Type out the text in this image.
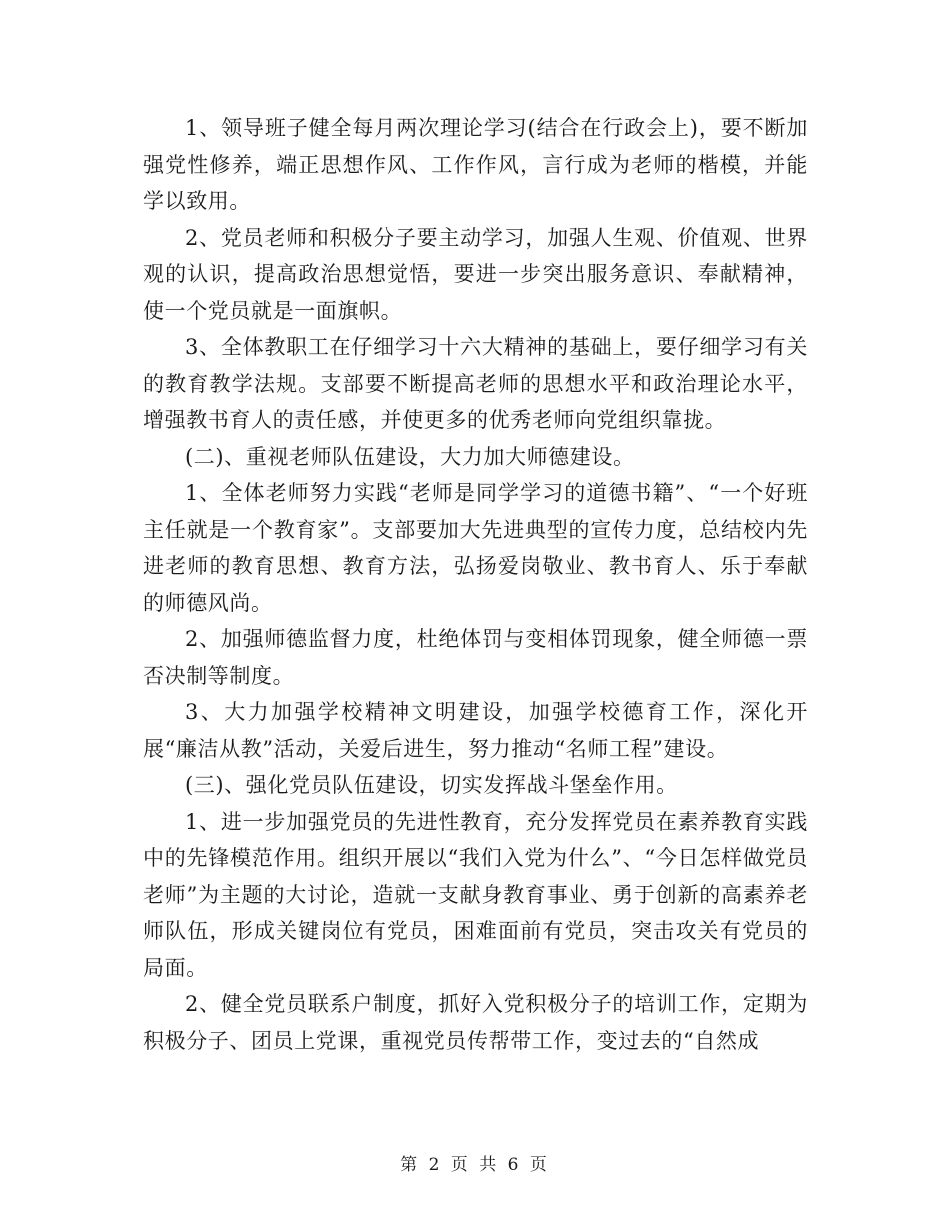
1、领导班子健全每月两次理论学习(结合在行政会上)，要不断加强党性修养，端正思想作风、工作作风，言行成为老师的楷模，并能学以致用。

2、党员老师和积极分子要主动学习，加强人生观、价值观、世界观的认识，提高政治思想觉悟，要进一步突出服务意识、奉献精神，使一个党员就是一面旗帜。

3、全体教职工在仔细学习十六大精神的基础上，要仔细学习有关的教育教学法规。支部要不断提高老师的思想水平和政治理论水平，增强教书育人的责任感，并使更多的优秀老师向党组织靠拢。

(二)、重视老师队伍建设，大力加大师德建设。

1、全体老师努力实践“老师是同学学习的道德书籍”、“一个好班主任就是一个教育家”。支部要加大先进典型的宣传力度，总结校内先进老师的教育思想、教育方法，弘扬爱岗敬业、教书育人、乐于奉献的师德风尚。

2、加强师德监督力度，杜绝体罚与变相体罚现象，健全师德一票否决制等制度。

3、大力加强学校精神文明建设，加强学校德育工作，深化开展“廉洁从教”活动，关爱后进生，努力推动“名师工程”建设。

(三)、强化党员队伍建设，切实发挥战斗堡垒作用。

1、进一步加强党员的先进性教育，充分发挥党员在素养教育实践中的先锋模范作用。组织开展以“我们入党为什么”、“今日怎样做党员老师”为主题的大讨论，造就一支献身教育事业、勇于创新的高素养老师队伍，形成关键岗位有党员，困难面前有党员，突击攻关有党员的局面。

2、健全党员联系户制度，抓好入党积极分子的培训工作，定期为积极分子、团员上党课，重视党员传帮带工作，变过去的“自然成

第 2 页 共 6 页
